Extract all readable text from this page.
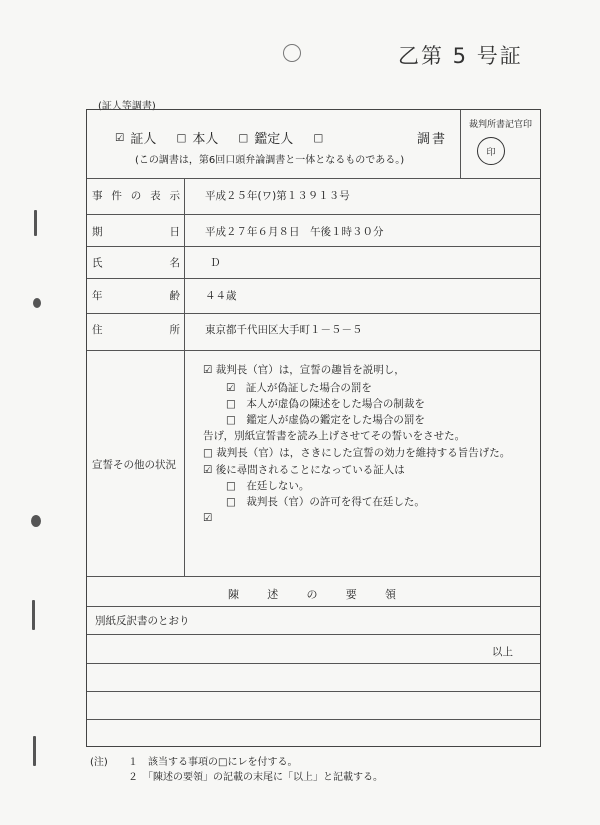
乙第 5 号証
(証人等調書)
裁判所書記官印
印
☑ 証人 □ 本人 □ 鑑定人 □	調書
(この調書は，第6回口頭弁論調書と一体となるものである。)
事 件 の 表 示 平成２５年(ワ)第１３９１３号
期	日 平成２７年６月８日　午後１時３０分
氏	名	Ｄ
年	齢 ４４歳
住	所 東京都千代田区大手町１－５－５
宣誓その他の状況
☑ 裁判長（官）は，宣誓の趣旨を説明し，
☑　 証人が偽証した場合の罰を
□　 本人が虚偽の陳述をした場合の制裁を
□　 鑑定人が虚偽の鑑定をした場合の罰を
告げ，別紙宣誓書を読み上げさせてその誓いをさせた。
□ 裁判長（官）は，さきにした宣誓の効力を維持する旨告げた。
☑ 後に尋問されることになっている証人は
□　 在廷しない。
□　 裁判長（官）の許可を得て在廷した。
☑
陳	述	の	要	領
別紙反訳書のとおり
以上
(注) １　 該当する事項の□にレを付する。
２　 「陳述の要領」の記載の末尾に「以上」と記載する。
